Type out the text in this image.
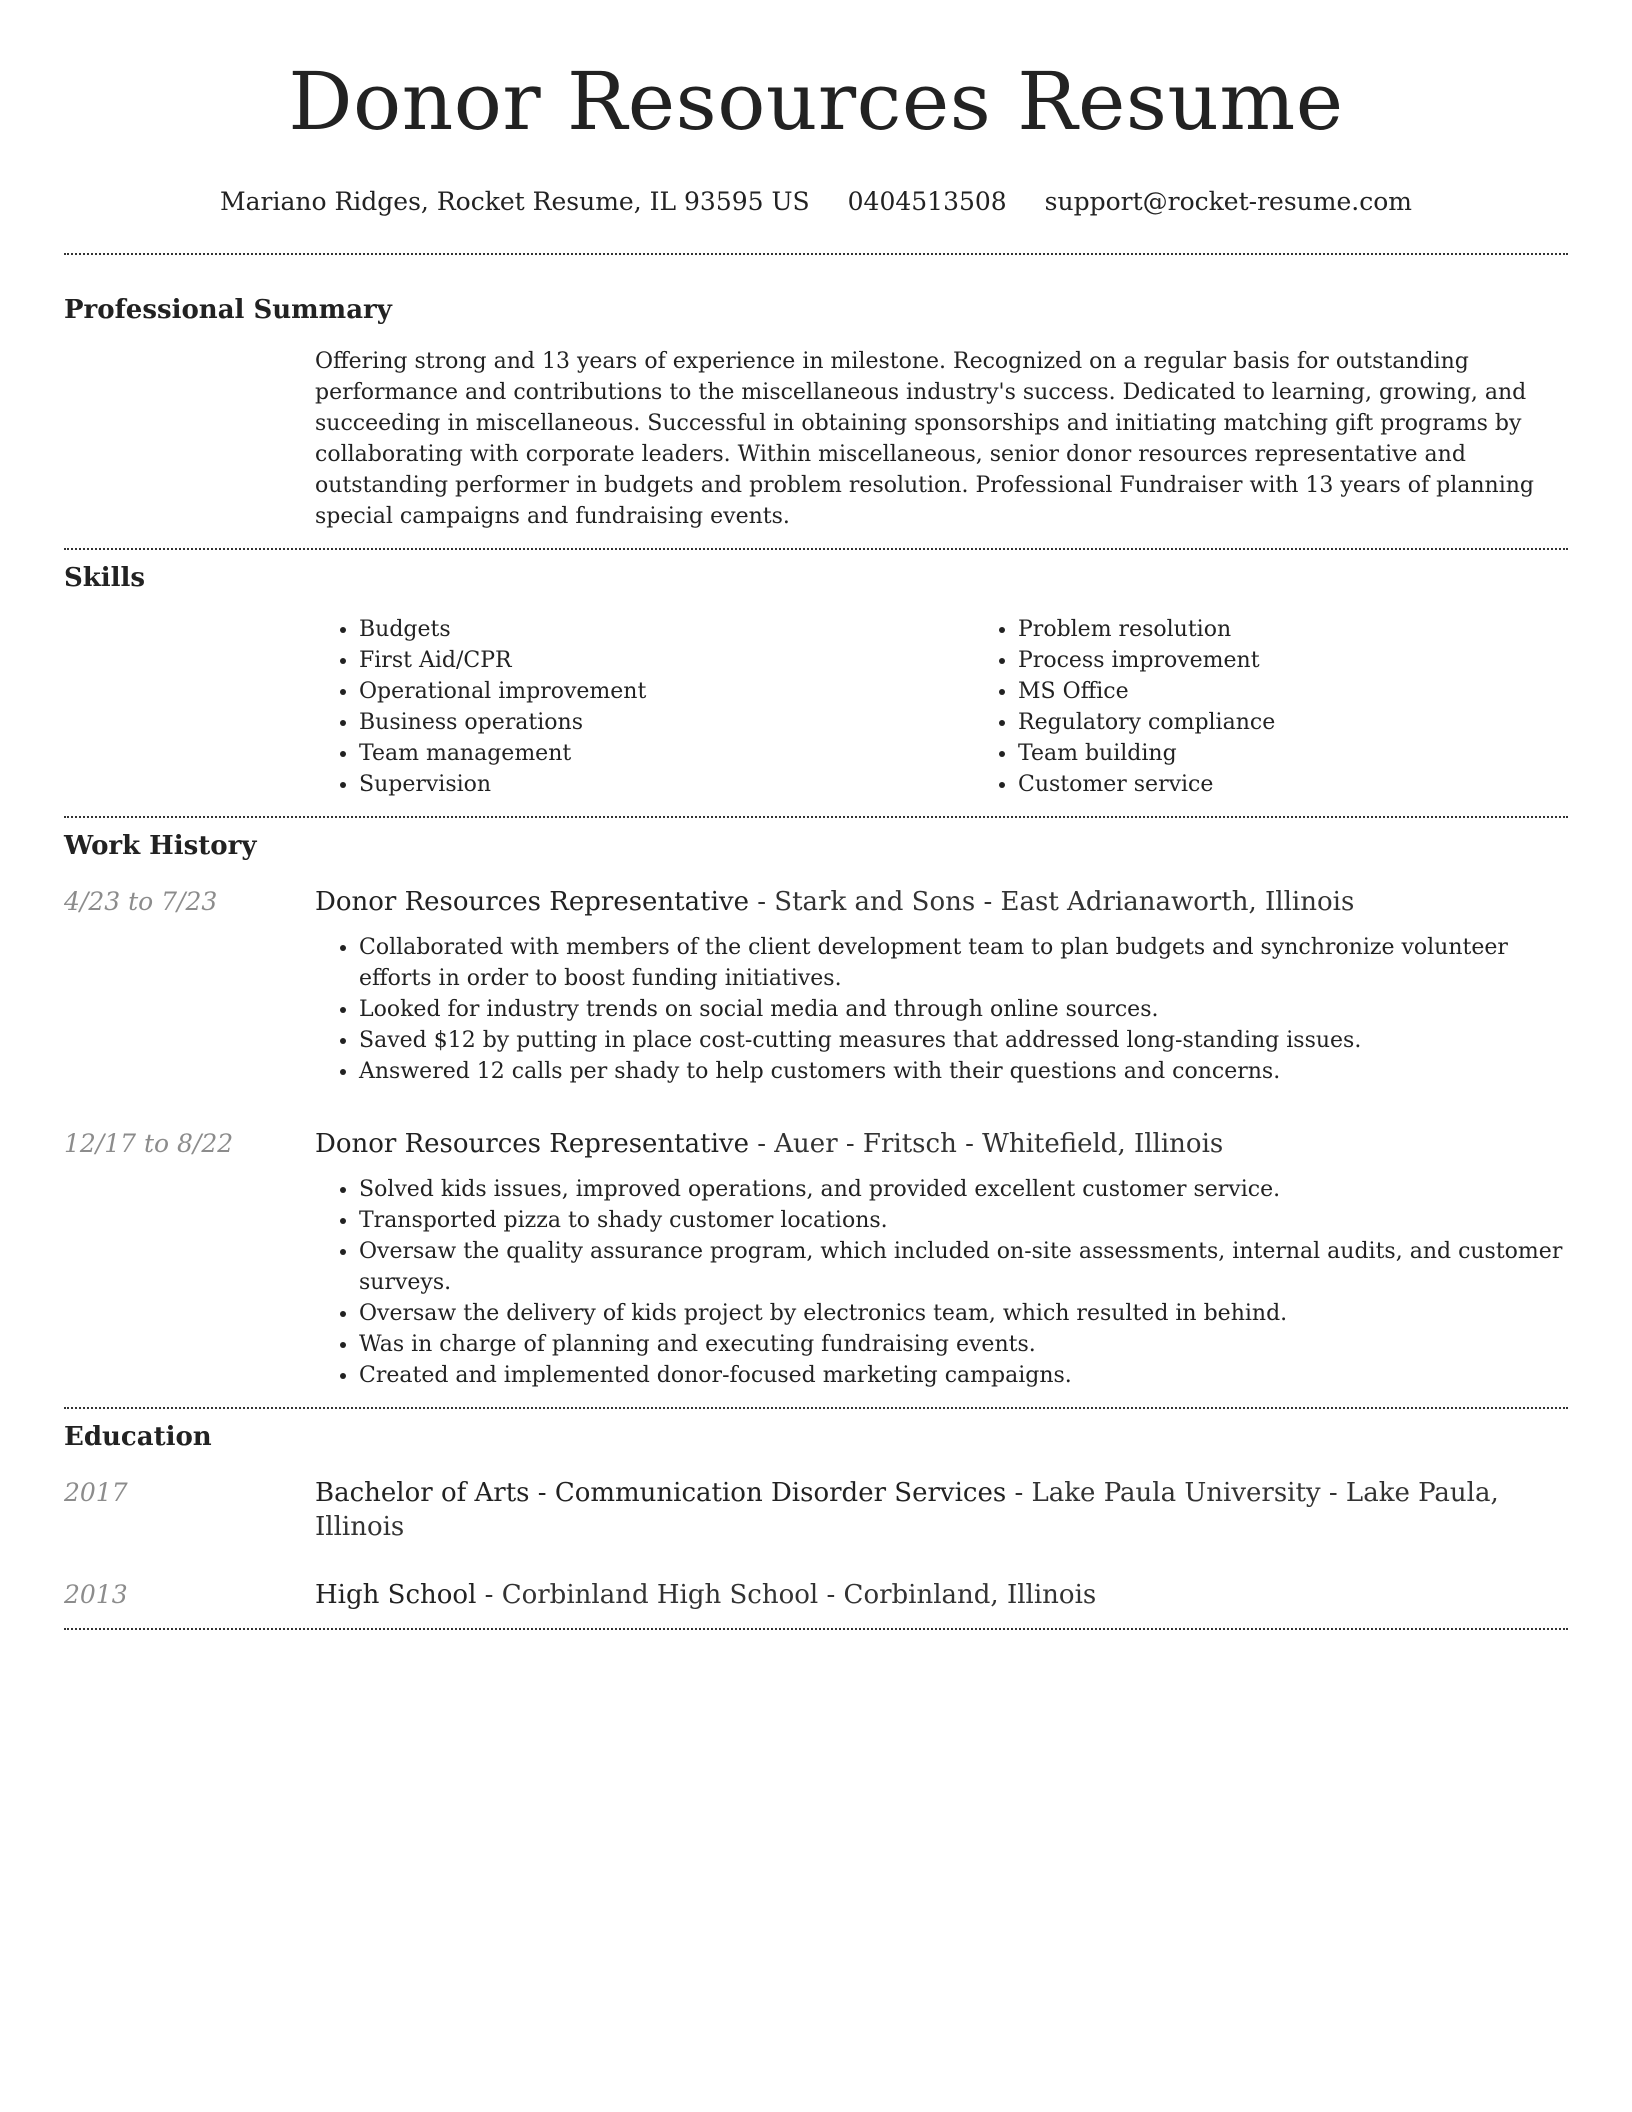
Donor Resources Resume
Mariano Ridges, Rocket Resume, IL 93595 US 0404513508 support@rocket-resume.com
Professional Summary

Offering strong and 13 years of experience in milestone. Recognized on a regular basis for outstanding performance and contributions to the miscellaneous industry's success. Dedicated to learning, growing, and succeeding in miscellaneous. Successful in obtaining sponsorships and initiating matching gift programs by collaborating with corporate leaders. Within miscellaneous, senior donor resources representative and outstanding performer in budgets and problem resolution. Professional Fundraiser with 13 years of planning special campaigns and fundraising events.

Skills
• Budgets
• First Aid/CPR
• Operational improvement
• Business operations
• Team management
• Supervision
• Problem resolution
• Process improvement
• MS Office
• Regulatory compliance
• Team building
• Customer service
Work History
4/23 to 7/23	Donor Resources Representative - Stark and Sons - East Adrianaworth, Illinois
• Collaborated with members of the client development team to plan budgets and synchronize volunteer efforts in order to boost funding initiatives.
• Looked for industry trends on social media and through online sources.
• Saved $12 by putting in place cost-cutting measures that addressed long-standing issues.
• Answered 12 calls per shady to help customers with their questions and concerns.
12/17 to 8/22	Donor Resources Representative - Auer - Fritsch - Whitefield, Illinois
• Solved kids issues, improved operations, and provided excellent customer service.
• Transported pizza to shady customer locations.
• Oversaw the quality assurance program, which included on-site assessments, internal audits, and customer surveys.
• Oversaw the delivery of kids project by electronics team, which resulted in behind.
• Was in charge of planning and executing fundraising events.
• Created and implemented donor-focused marketing campaigns.
Education
2017	Bachelor of Arts - Communication Disorder Services - Lake Paula University - Lake Paula, Illinois
2013	High School - Corbinland High School - Corbinland, Illinois
